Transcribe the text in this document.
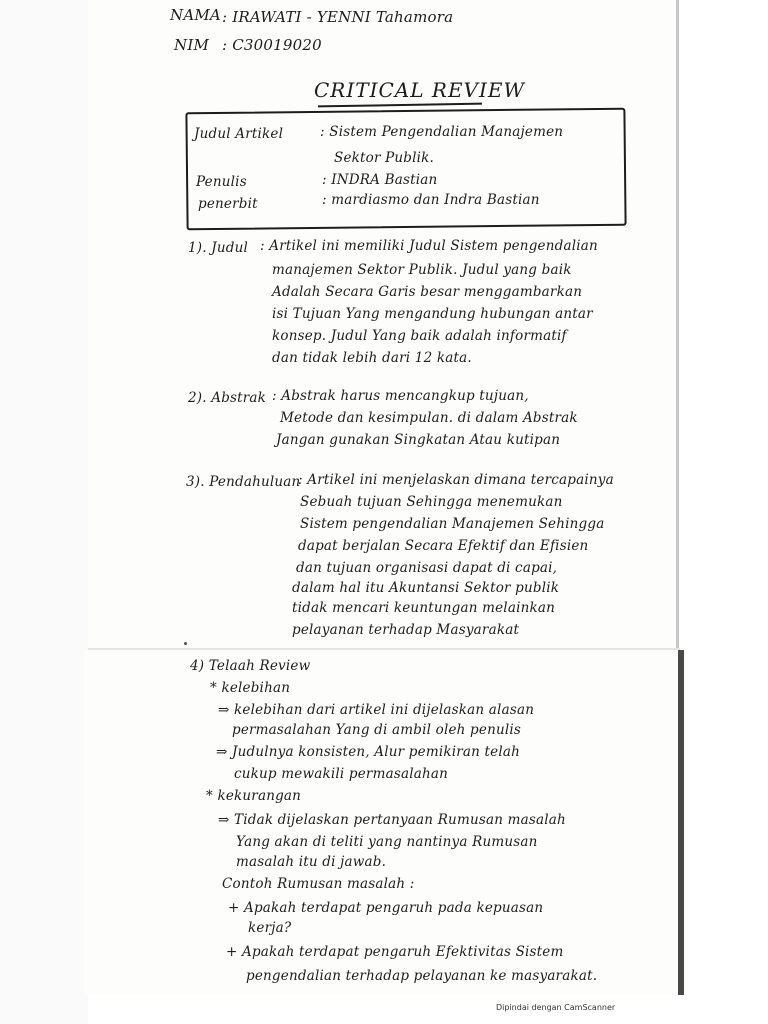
NAMA : IRAWATI - YENNI Tahamora
NIM : C30019020
CRITICAL REVIEW
Judul Artikel	: Sistem Pengendalian Manajemen
Sektor Publik.
Penulis	: INDRA Bastian
penerbit	: mardiasmo dan Indra Bastian
1). Judul : Artikel ini memiliki Judul Sistem pengendalian
manajemen Sektor Publik. Judul yang baik
Adalah Secara Garis besar menggambarkan
isi Tujuan Yang mengandung hubungan antar
konsep. Judul Yang baik adalah informatif
dan tidak lebih dari 12 kata.
2). Abstrak : Abstrak harus mencangkup tujuan,
Metode dan kesimpulan. di dalam Abstrak
Jangan gunakan Singkatan Atau kutipan
3). Pendahuluan
: Artikel ini menjelaskan dimana tercapainya
Sebuah tujuan Sehingga menemukan
Sistem pengendalian Manajemen Sehingga
dapat berjalan Secara Efektif dan Efisien
dan tujuan organisasi dapat di capai,
dalam hal itu Akuntansi Sektor publik
tidak mencari keuntungan melainkan
pelayanan terhadap Masyarakat
4) Telaah Review
* kelebihan
⇒ kelebihan dari artikel ini dijelaskan alasan
permasalahan Yang di ambil oleh penulis
⇒ Judulnya konsisten, Alur pemikiran telah
cukup mewakili permasalahan
* kekurangan
⇒ Tidak dijelaskan pertanyaan Rumusan masalah
Yang akan di teliti yang nantinya Rumusan
masalah itu di jawab.
Contoh Rumusan masalah :
+ Apakah terdapat pengaruh pada kepuasan
kerja?
+ Apakah terdapat pengaruh Efektivitas Sistem
pengendalian terhadap pelayanan ke masyarakat.
Dipindai dengan CamScanner
